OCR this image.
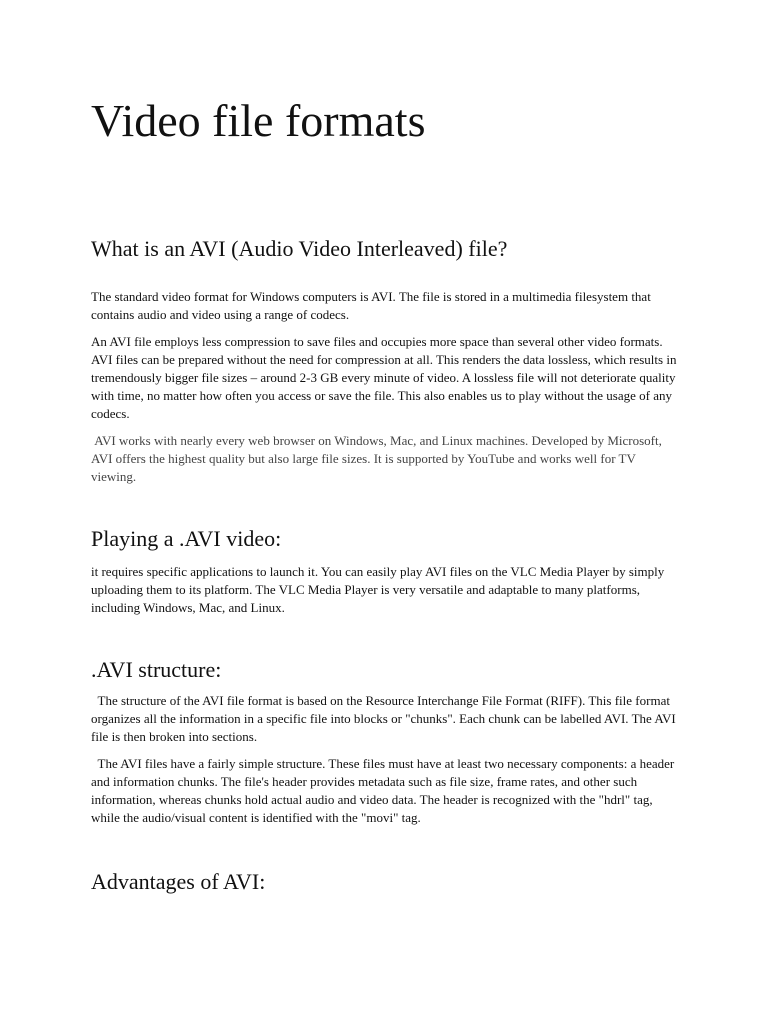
Video file formats
What is an AVI (Audio Video Interleaved) file?

The standard video format for Windows computers is AVI. The file is stored in a multimedia filesystem that contains audio and video using a range of codecs.

An AVI file employs less compression to save files and occupies more space than several other video formats. AVI files can be prepared without the need for compression at all. This renders the data lossless, which results in tremendously bigger file sizes – around 2-3 GB every minute of video. A lossless file will not deteriorate quality with time, no matter how often you access or save the file. This also enables us to play without the usage of any codecs.

AVI works with nearly every web browser on Windows, Mac, and Linux machines. Developed by Microsoft, AVI offers the highest quality but also large file sizes. It is supported by YouTube and works well for TV viewing.

Playing a .AVI video:

it requires specific applications to launch it. You can easily play AVI files on the VLC Media Player by simply uploading them to its platform. The VLC Media Player is very versatile and adaptable to many platforms, including Windows, Mac, and Linux.

.AVI structure:

The structure of the AVI file format is based on the Resource Interchange File Format (RIFF). This file format organizes all the information in a specific file into blocks or "chunks". Each chunk can be labelled AVI. The AVI file is then broken into sections.

The AVI files have a fairly simple structure. These files must have at least two necessary components: a header and information chunks. The file's header provides metadata such as file size, frame rates, and other such information, whereas chunks hold actual audio and video data. The header is recognized with the "hdrl" tag, while the audio/visual content is identified with the "movi" tag.

Advantages of AVI:
